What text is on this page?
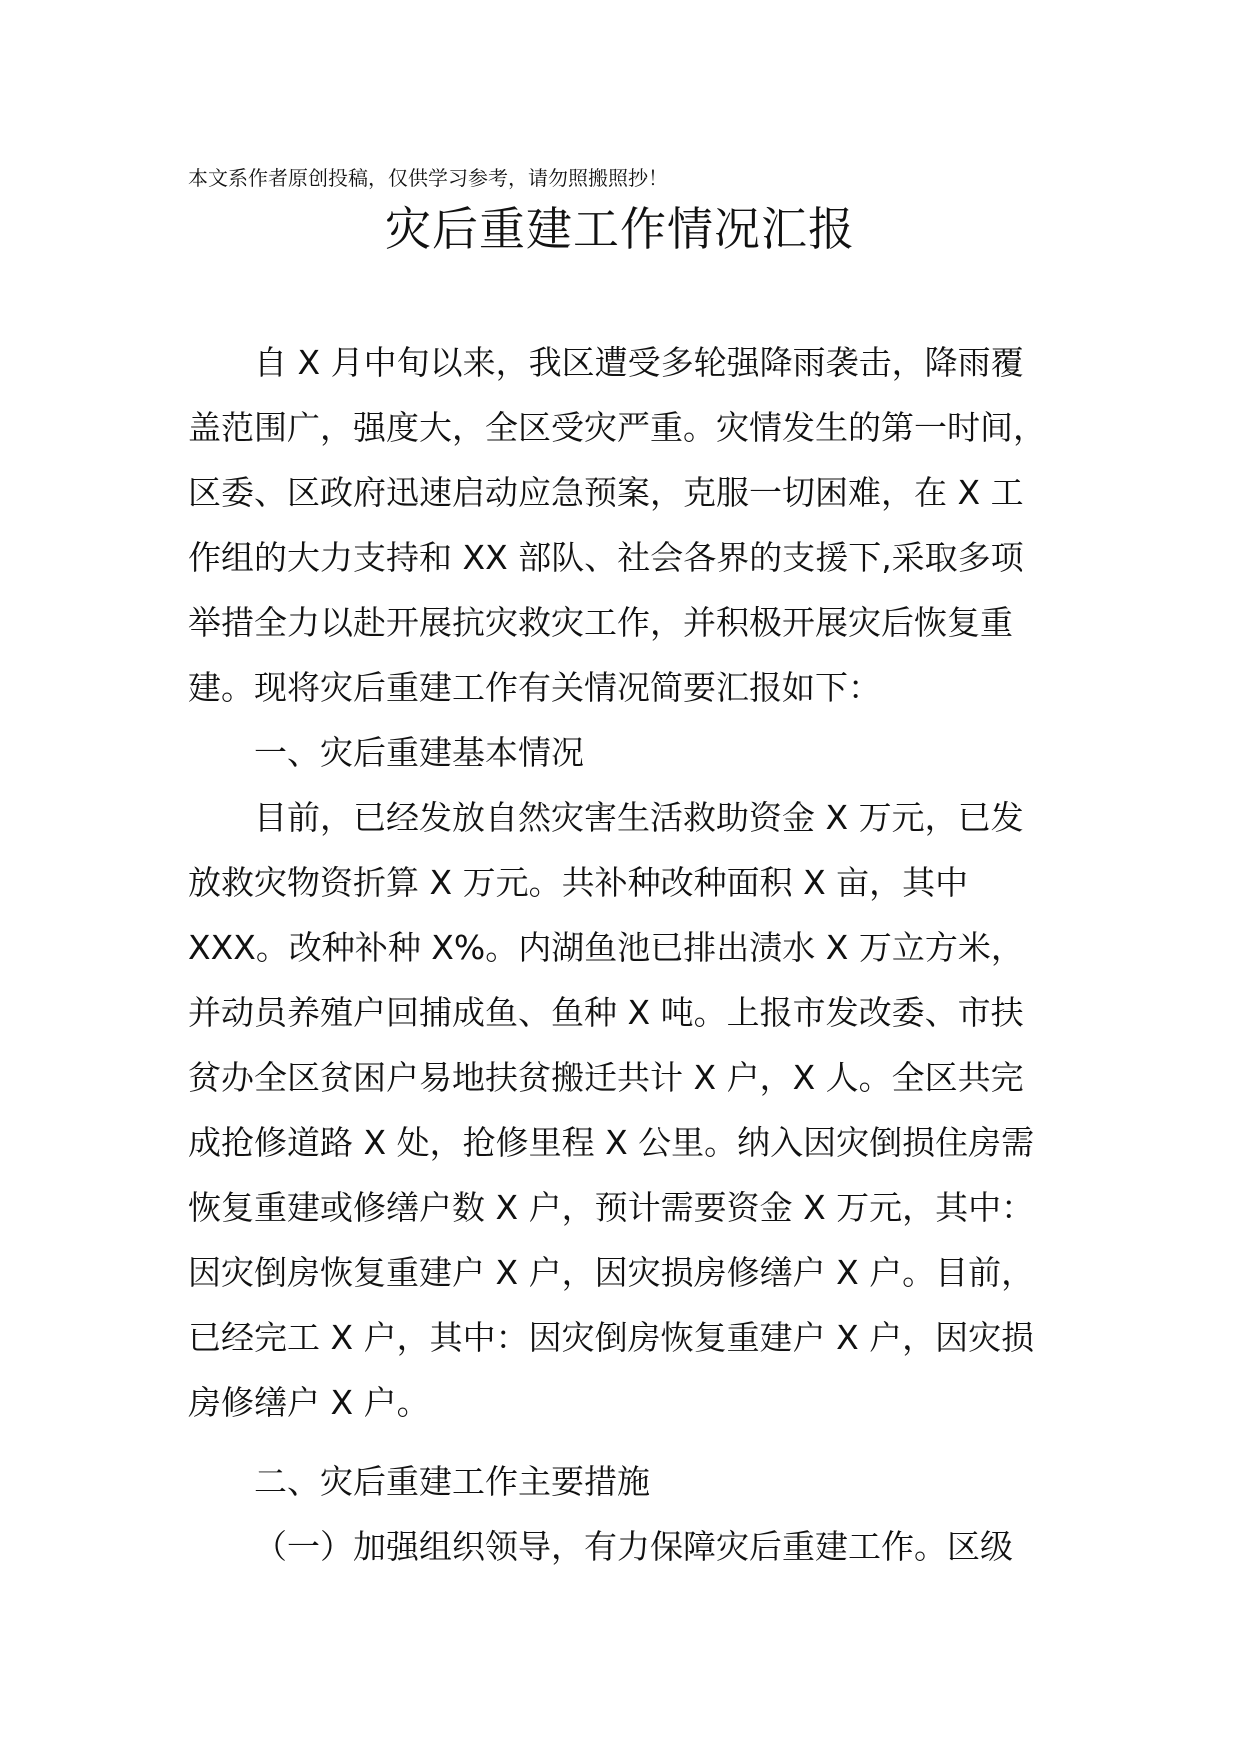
本文系作者原创投稿，仅供学习参考，请勿照搬照抄！
灾后重建工作情况汇报
自 X 月中旬以来，我区遭受多轮强降雨袭击，降雨覆
盖范围广，强度大，全区受灾严重。灾情发生的第一时间，
区委、区政府迅速启动应急预案，克服一切困难，在 X 工
作组的大力支持和 XX 部队、社会各界的支援下,采取多项
举措全力以赴开展抗灾救灾工作，并积极开展灾后恢复重
建。现将灾后重建工作有关情况简要汇报如下：
一、灾后重建基本情况
目前，已经发放自然灾害生活救助资金 X 万元，已发
放救灾物资折算 X 万元。共补种改种面积 X 亩，其中
XXX。改种补种 X%。内湖鱼池已排出渍水 X 万立方米，
并动员养殖户回捕成鱼、鱼种 X 吨。上报市发改委、市扶
贫办全区贫困户易地扶贫搬迁共计 X 户，X 人。全区共完
成抢修道路 X 处，抢修里程 X 公里。纳入因灾倒损住房需
恢复重建或修缮户数 X 户，预计需要资金 X 万元，其中：
因灾倒房恢复重建户 X 户，因灾损房修缮户 X 户。目前，
已经完工 X 户，其中：因灾倒房恢复重建户 X 户，因灾损
房修缮户 X 户。
二、灾后重建工作主要措施
（一）加强组织领导，有力保障灾后重建工作。区级
